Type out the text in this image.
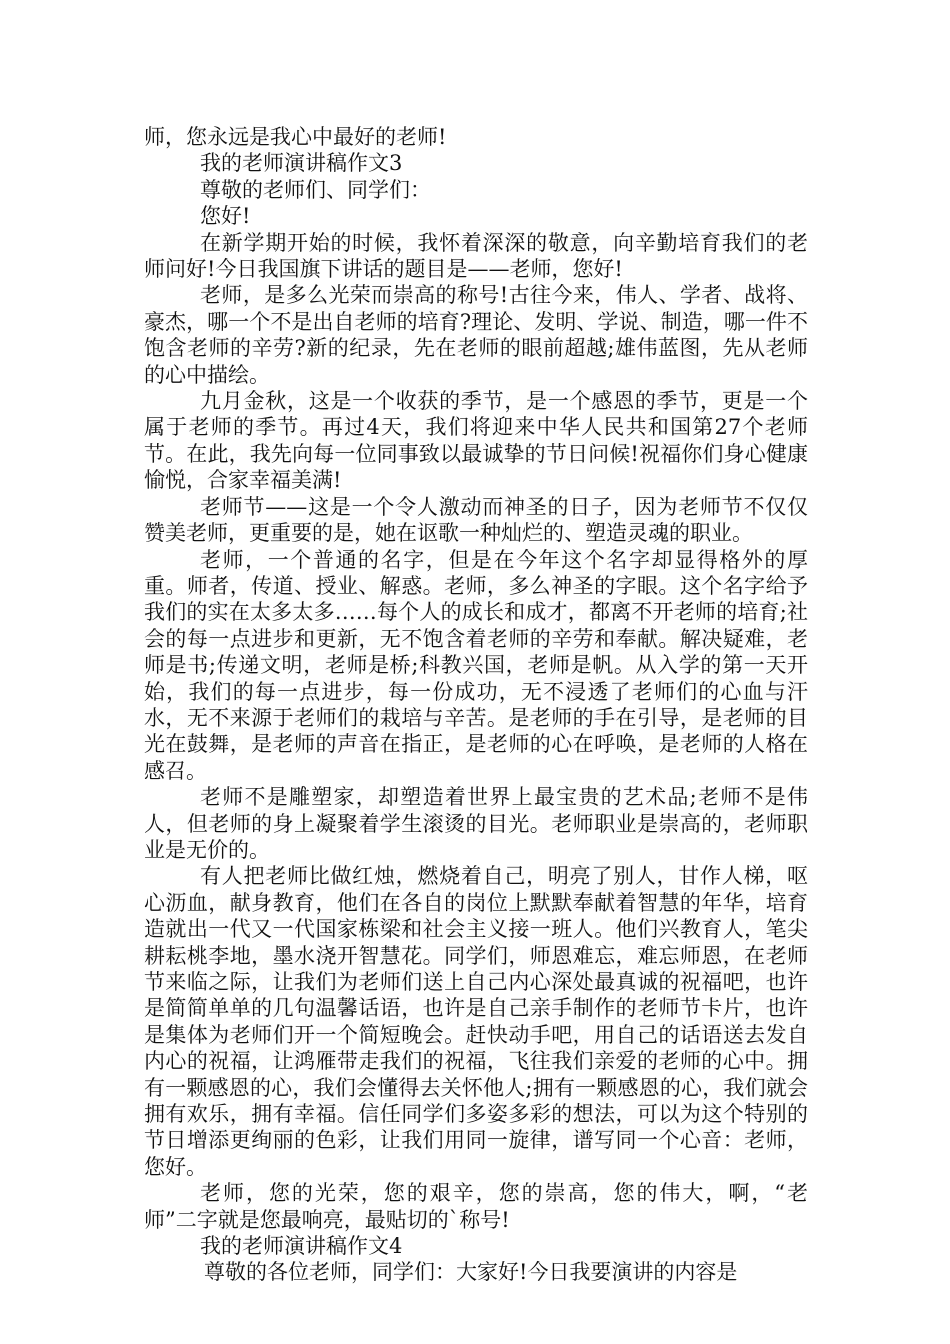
师，您永远是我心中最好的老师!

我的老师演讲稿作文3

尊敬的老师们、同学们：

您好!

在新学期开始的时候，我怀着深深的敬意，向辛勤培育我们的老师问好!今日我国旗下讲话的题目是——老师，您好!

老师，是多么光荣而崇高的称号!古往今来，伟人、学者、战将、豪杰，哪一个不是出自老师的培育?理论、发明、学说、制造，哪一件不饱含老师的辛劳?新的纪录，先在老师的眼前超越;雄伟蓝图，先从老师的心中描绘。

九月金秋，这是一个收获的季节，是一个感恩的季节，更是一个属于老师的季节。再过4天，我们将迎来中华人民共和国第27个老师节。在此，我先向每一位同事致以最诚挚的节日问候!祝福你们身心健康愉悦，合家幸福美满!

老师节——这是一个令人激动而神圣的日子，因为老师节不仅仅赞美老师，更重要的是，她在讴歌一种灿烂的、塑造灵魂的职业。

老师，一个普通的名字，但是在今年这个名字却显得格外的厚重。师者，传道、授业、解惑。老师，多么神圣的字眼。这个名字给予我们的实在太多太多……每个人的成长和成才，都离不开老师的培育;社会的每一点进步和更新，无不饱含着老师的辛劳和奉献。解决疑难，老师是书;传递文明，老师是桥;科教兴国，老师是帆。从入学的第一天开始，我们的每一点进步，每一份成功，无不浸透了老师们的心血与汗水，无不来源于老师们的栽培与辛苦。是老师的手在引导，是老师的目光在鼓舞，是老师的声音在指正，是老师的心在呼唤，是老师的人格在感召。

老师不是雕塑家，却塑造着世界上最宝贵的艺术品;老师不是伟人，但老师的身上凝聚着学生滚烫的目光。老师职业是崇高的，老师职业是无价的。

有人把老师比做红烛，燃烧着自己，明亮了别人，甘作人梯，呕心沥血，献身教育，他们在各自的岗位上默默奉献着智慧的年华，培育造就出一代又一代国家栋梁和社会主义接一班人。他们兴教育人，笔尖耕耘桃李地，墨水浇开智慧花。同学们，师恩难忘，难忘师恩，在老师节来临之际，让我们为老师们送上自己内心深处最真诚的祝福吧，也许是简简单单的几句温馨话语，也许是自己亲手制作的老师节卡片，也许是集体为老师们开一个简短晚会。赶快动手吧，用自己的话语送去发自内心的祝福，让鸿雁带走我们的祝福，飞往我们亲爱的老师的心中。拥有一颗感恩的心，我们会懂得去关怀他人;拥有一颗感恩的心，我们就会拥有欢乐，拥有幸福。信任同学们多姿多彩的想法，可以为这个特别的节日增添更绚丽的色彩，让我们用同一旋律，谱写同一个心音：老师，您好。

老师，您的光荣，您的艰辛，您的崇高，您的伟大，啊，“老师”二字就是您最响亮，最贴切的`称号!

我的老师演讲稿作文4

尊敬的各位老师，同学们：大家好!今日我要演讲的内容是
